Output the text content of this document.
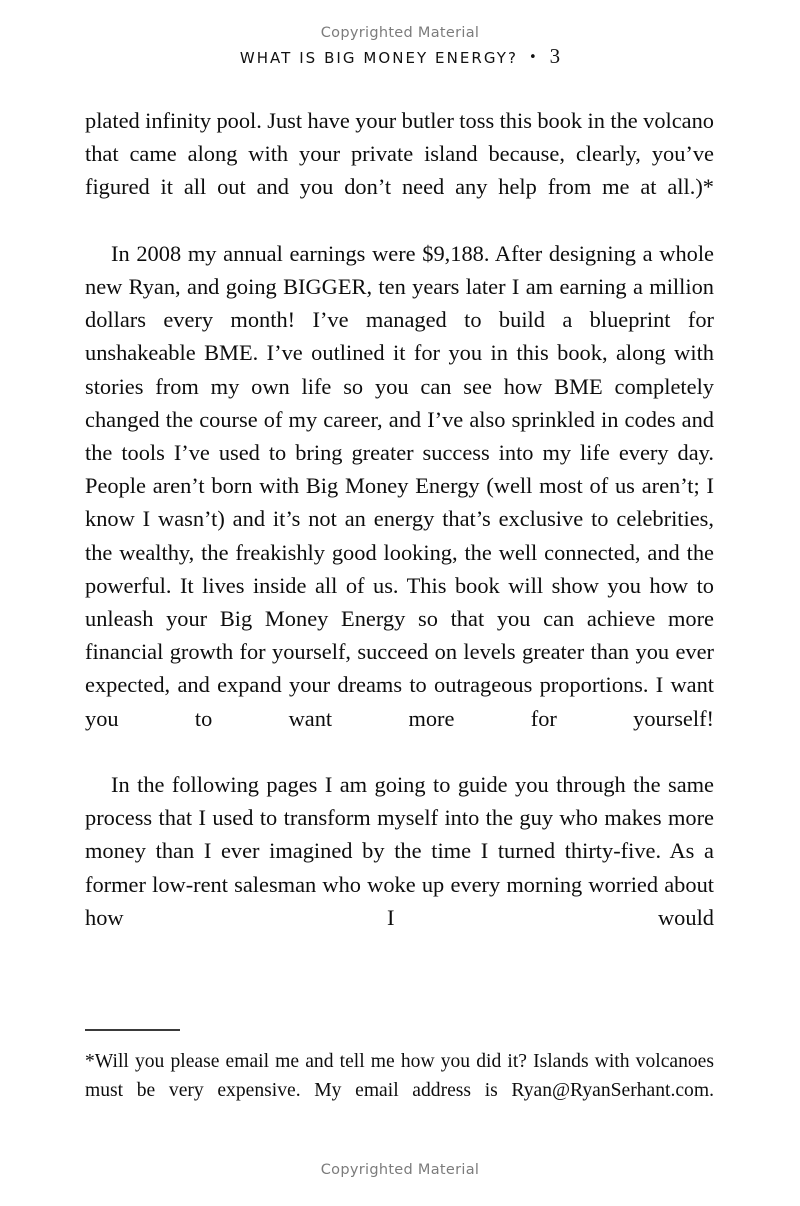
Copyrighted Material
WHAT IS BIG MONEY ENERGY? • 3

plated infinity pool. Just have your butler toss this book in the volcano that came along with your private island because, clearly, you’ve figured it all out and you don’t need any help from me at all.)*

In 2008 my annual earnings were $9,188. After designing a whole new Ryan, and going BIGGER, ten years later I am earning a million dollars every month! I’ve managed to build a blueprint for unshakeable BME. I’ve outlined it for you in this book, along with stories from my own life so you can see how BME completely changed the course of my career, and I’ve also sprinkled in codes and the tools I’ve used to bring greater success into my life every day. People aren’t born with Big Money Energy (well most of us aren’t; I know I wasn’t) and it’s not an energy that’s exclusive to celebrities, the wealthy, the freakishly good looking, the well connected, and the powerful. It lives inside all of us. This book will show you how to unleash your Big Money Energy so that you can achieve more financial growth for yourself, succeed on levels greater than you ever expected, and expand your dreams to outrageous proportions. I want you to want more for yourself!

In the following pages I am going to guide you through the same process that I used to transform myself into the guy who makes more money than I ever imagined by the time I turned thirty-five. As a former low-rent salesman who woke up every morning worried about how I would

*Will you please email me and tell me how you did it? Islands with volcanoes must be very expensive. My email address is Ryan@RyanSerhant.com.

Copyrighted Material
